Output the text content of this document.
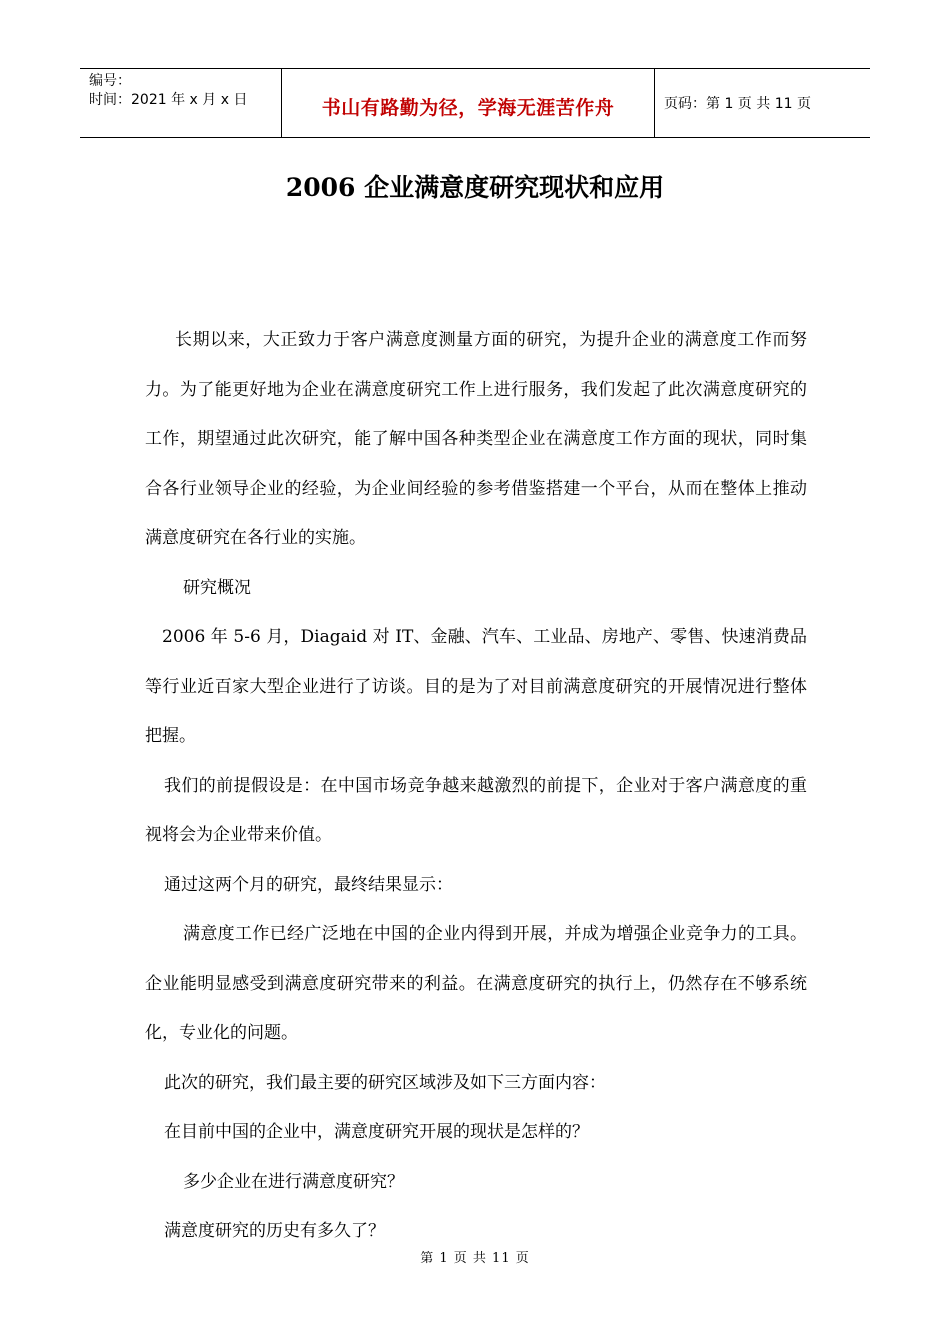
编号：
时间：2021 年 x 月 x 日	书山有路勤为径，学海无涯苦作舟	页码：第 1 页 共 11 页
2006 企业满意度研究现状和应用

长期以来，大正致力于客户满意度测量方面的研究，为提升企业的满意度工作而努力。为了能更好地为企业在满意度研究工作上进行服务，我们发起了此次满意度研究的工作，期望通过此次研究，能了解中国各种类型企业在满意度工作方面的现状，同时集合各行业领导企业的经验，为企业间经验的参考借鉴搭建一个平台，从而在整体上推动满意度研究在各行业的实施。

研究概况

2006 年 5-6 月，Diagaid 对 IT、金融、汽车、工业品、房地产、零售、快速消费品等行业近百家大型企业进行了访谈。目的是为了对目前满意度研究的开展情况进行整体把握。

我们的前提假设是：在中国市场竞争越来越激烈的前提下，企业对于客户满意度的重视将会为企业带来价值。

通过这两个月的研究，最终结果显示：

满意度工作已经广泛地在中国的企业内得到开展，并成为增强企业竞争力的工具。企业能明显感受到满意度研究带来的利益。在满意度研究的执行上，仍然存在不够系统化，专业化的问题。

此次的研究，我们最主要的研究区域涉及如下三方面内容：

在目前中国的企业中，满意度研究开展的现状是怎样的？

多少企业在进行满意度研究？

满意度研究的历史有多久了？

第 1 页 共 11 页
